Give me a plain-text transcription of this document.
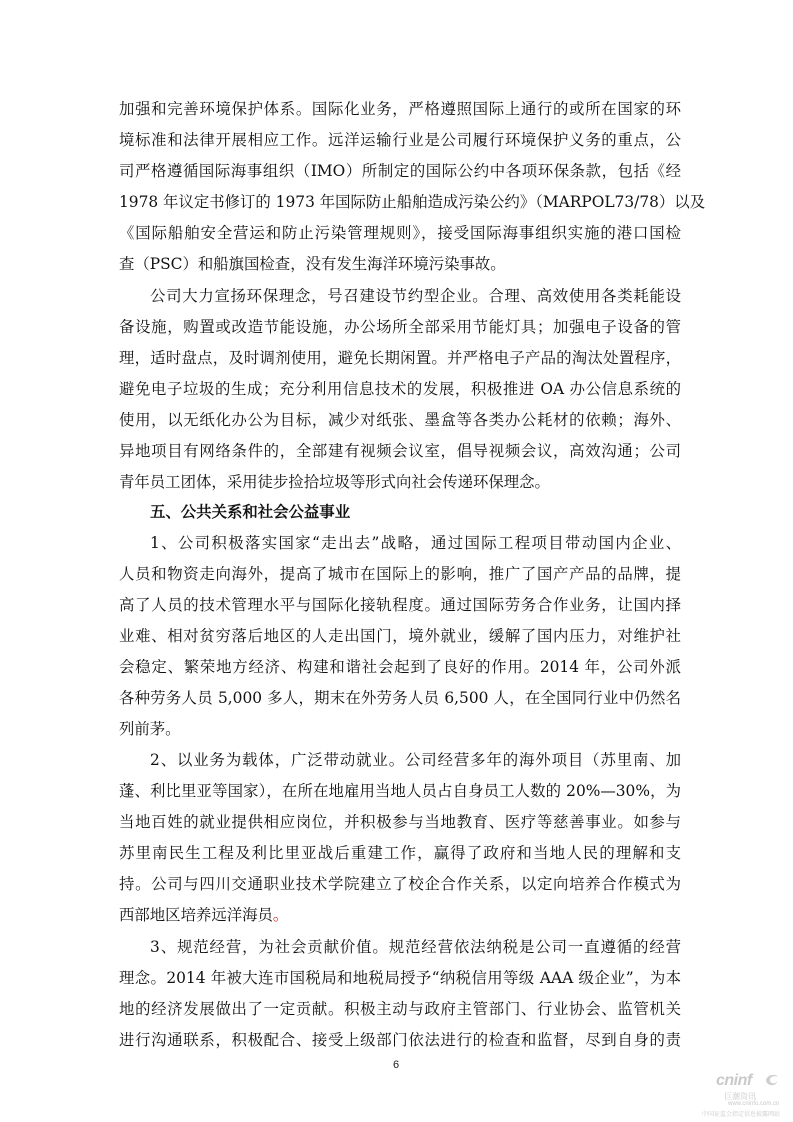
加强和完善环境保护体系。国际化业务，严格遵照国际上通行的或所在国家的环
境标准和法律开展相应工作。远洋运输行业是公司履行环境保护义务的重点，公
司严格遵循国际海事组织（IMO）所制定的国际公约中各项环保条款，包括《经
1978 年议定书修订的 1973 年国际防止船舶造成污染公约》（MARPOL73/78）以及
《国际船舶安全营运和防止污染管理规则》，接受国际海事组织实施的港口国检
查（PSC）和船旗国检查，没有发生海洋环境污染事故。
公司大力宣扬环保理念，号召建设节约型企业。合理、高效使用各类耗能设
备设施，购置或改造节能设施，办公场所全部采用节能灯具；加强电子设备的管
理，适时盘点，及时调剂使用，避免长期闲置。并严格电子产品的淘汰处置程序，
避免电子垃圾的生成；充分利用信息技术的发展，积极推进 OA 办公信息系统的
使用，以无纸化办公为目标，减少对纸张、墨盒等各类办公耗材的依赖；海外、
异地项目有网络条件的，全部建有视频会议室，倡导视频会议，高效沟通；公司
青年员工团体，采用徒步捡拾垃圾等形式向社会传递环保理念。
五、公共关系和社会公益事业
1、公司积极落实国家“走出去”战略，通过国际工程项目带动国内企业、
人员和物资走向海外，提高了城市在国际上的影响，推广了国产产品的品牌，提
高了人员的技术管理水平与国际化接轨程度。通过国际劳务合作业务，让国内择
业难、相对贫穷落后地区的人走出国门，境外就业，缓解了国内压力，对维护社
会稳定、繁荣地方经济、构建和谐社会起到了良好的作用。2014 年，公司外派
各种劳务人员 5,000 多人，期末在外劳务人员 6,500 人，在全国同行业中仍然名
列前茅。
2、以业务为载体，广泛带动就业。公司经营多年的海外项目（苏里南、加
蓬、利比里亚等国家），在所在地雇用当地人员占自身员工人数的 20%—30%，为
当地百姓的就业提供相应岗位，并积极参与当地教育、医疗等慈善事业。如参与
苏里南民生工程及利比里亚战后重建工作，赢得了政府和当地人民的理解和支
持。公司与四川交通职业技术学院建立了校企合作关系，以定向培养合作模式为
西部地区培养远洋海员。
3、规范经营，为社会贡献价值。规范经营依法纳税是公司一直遵循的经营
理念。2014 年被大连市国税局和地税局授予“纳税信用等级 AAA 级企业”，为本
地的经济发展做出了一定贡献。积极主动与政府主管部门、行业协会、监管机关
进行沟通联系，积极配合、接受上级部门依法进行的检查和监督，尽到自身的责
6
cninf
巨潮资讯
www.cninfo.com.cn
中国证监会指定信息披露网站
